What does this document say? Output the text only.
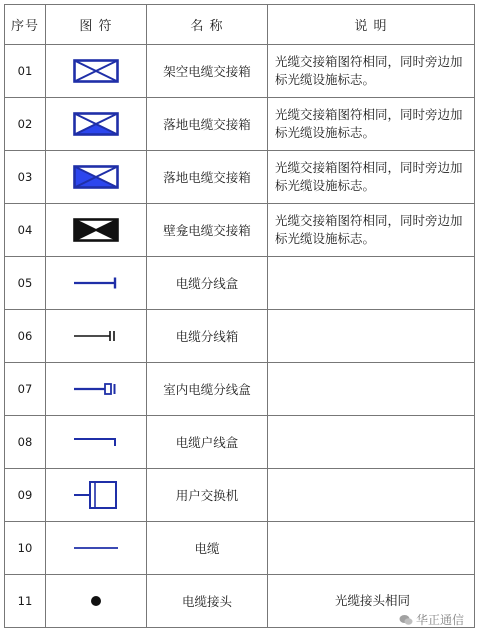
序号	图 符	名 称	说 明
01		架空电缆交接箱	光缆交接箱图符相同，同时旁边加标光缆设施标志。
02		落地电缆交接箱	光缆交接箱图符相同，同时旁边加标光缆设施标志。
03		落地电缆交接箱	光缆交接箱图符相同，同时旁边加标光缆设施标志。
04		壁龛电缆交接箱	光缆交接箱图符相同，同时旁边加标光缆设施标志。
05		电缆分线盒	
06		电缆分线箱	
07		室内电缆分线盒	
08		电缆户线盒	
09		用户交换机	
10		电缆	
11		电缆接头	光缆接头相同
华正通信
